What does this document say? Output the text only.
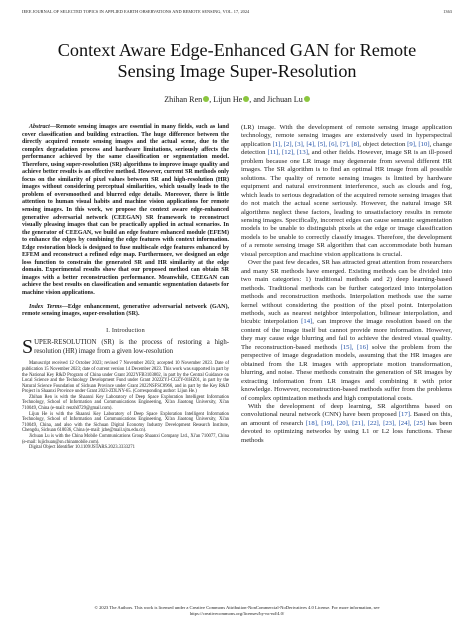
IEEE JOURNAL OF SELECTED TOPICS IN APPLIED EARTH OBSERVATIONS AND REMOTE SENSING, VOL. 17, 2024	1363
Context Aware Edge-Enhanced GAN for Remote
Sensing Image Super-Resolution
Zhihan Ren , Lijun He , and Jichuan Lu

Abstract—Remote sensing images are essential in many fields, such as land cover classification and building extraction. The huge difference between the directly acquired remote sensing images and the actual scene, due to the complex degradation process and hardware limitations, seriously affects the performance achieved by the same classification or segmentation model. Therefore, using super-resolution (SR) algorithms to improve image quality and achieve better results is an effective method. However, current SR methods only focus on the similarity of pixel values between SR and high-resolution (HR) images without considering perceptual similarities, which usually leads to the problem of oversmoothed and blurred edge details. Moreover, there is little attention to human visual habits and machine vision applications for remote sensing images. In this work, we propose the context aware edge-enhanced generative adversarial network (CEEGAN) SR framework to reconstruct visually pleasing images that can be practically applied in actual scenarios. In the generator of CEEGAN, we build an edge feature enhanced module (EFEM) to enhance the edges by combining the edge features with context information. Edge restoration block is designed to fuse multiscale edge features enhanced by EFEM and reconstruct a refined edge map. Furthermore, we designed an edge loss function to constrain the generated SR and HR similarity at the edge domain. Experimental results show that our proposed method can obtain SR images with a better reconstruction performance. Meanwhile, CEEGAN can achieve the best results on classification and semantic segmentation datasets for machine vision applications.

Index Terms—Edge enhancement, generative adversarial network (GAN), remote sensing images, super-resolution (SR).

I. Introduction

SUPER-RESOLUTION (SR) is the process of restoring a high-resolution (HR) image from a given low-resolution

Manuscript received 12 October 2023; revised 7 November 2023; accepted 10 November 2023. Date of publication 15 November 2023; date of current version 14 December 2023. This work was supported in part by the National Key R&D Program of China under Grant 2022YFB3103802, in part by the Central Guidance on Local Science and the Technology Development Fund under Grant 2022ZYJ-CGZY-01HZ01, in part by the Natural Science Foundation of Sichuan Province under Grant 2022NSFSC0966, and in part by the Key R&D Project in Shaanxi Province under Grant 2023-ZDLNY-65. (Corresponding author: Lijun He.)

Zhihan Ren is with the Shaanxi Key Laboratory of Deep Space Exploration Intelligent Information Technology, School of Information and Communications Engineering, Xi'an Jiaotong University, Xi'an 710049, China (e-mail: renzh0729@gmail.com).

Lijun He is with the Shaanxi Key Laboratory of Deep Space Exploration Intelligent Information Technology, School of Information and Communications Engineering, Xi'an Jiaotong University, Xi'an 710049, China, and also with the Sichuan Digital Economy Industry Development Research Institute, Chengdu, Sichuan 610036, China (e-mail: jzhe@mail.xjtu.edu.cn).

Jichuan Lu is with the China Mobile Communications Group Shaanxi Company Ltd., Xi'an 710077, China (e-mail: lujichuan@sn.chinamobile.com).

Digital Object Identifier 10.1109/JSTARS.2023.3333271

(LR) image. With the development of remote sensing image application technology, remote sensing images are extensively used in hyperspectral application [1], [2], [3], [4], [5], [6], [7], [8], object detection [9], [10], change detection [11], [12], [13], and other fields. However, image SR is an ill-posed problem because one LR image may degenerate from several different HR images. The SR algorithm is to find an optimal HR image from all possible solutions. The quality of remote sensing images is limited by hardware equipment and natural environment interference, such as clouds and fog, which leads to serious degradation of the acquired remote sensing images that do not match the actual scene seriously. However, the natural image SR algorithms neglect these factors, leading to unsatisfactory results in remote sensing images. Specifically, incorrect edges can cause semantic segmentation models to be unable to distinguish pixels at the edge or image classification models to be unable to correctly classify images. Therefore, the development of a remote sensing image SR algorithm that can accommodate both human visual perception and machine vision applications is crucial.

Over the past few decades, SR has attracted great attention from researchers and many SR methods have emerged. Existing methods can be divided into two main categories: 1) traditional methods and 2) deep learning-based methods. Traditional methods can be further categorized into interpolation methods and reconstruction methods. Interpolation methods use the same kernel without considering the position of the pixel point. Interpolation methods, such as nearest neighbor interpolation, bilinear interpolation, and bicubic interpolation [14], can improve the image resolution based on the content of the image itself but cannot provide more information. However, they may cause edge blurring and fail to achieve the desired visual quality. The reconstruction-based methods [15], [16] solve the problem from the perspective of image degradation models, assuming that the HR images are obtained from the LR images with appropriate motion transformation, blurring, and noise. These methods constrain the generation of SR images by extracting information from LR images and combining it with prior knowledge. However, reconstruction-based methods suffer from the problems of complex optimization methods and high computational costs.

With the development of deep learning, SR algorithms based on convolutional neural network (CNN) have been proposed [17]. Based on this, an amount of research [18], [19], [20], [21], [22], [23], [24], [25] has been devoted to optimizing networks by using L1 or L2 loss functions. These methods

© 2023 The Authors. This work is licensed under a Creative Commons Attribution-NonCommercial-NoDerivatives 4.0 License. For more information, see
https://creativecommons.org/licenses/by-nc-nd/4.0/
